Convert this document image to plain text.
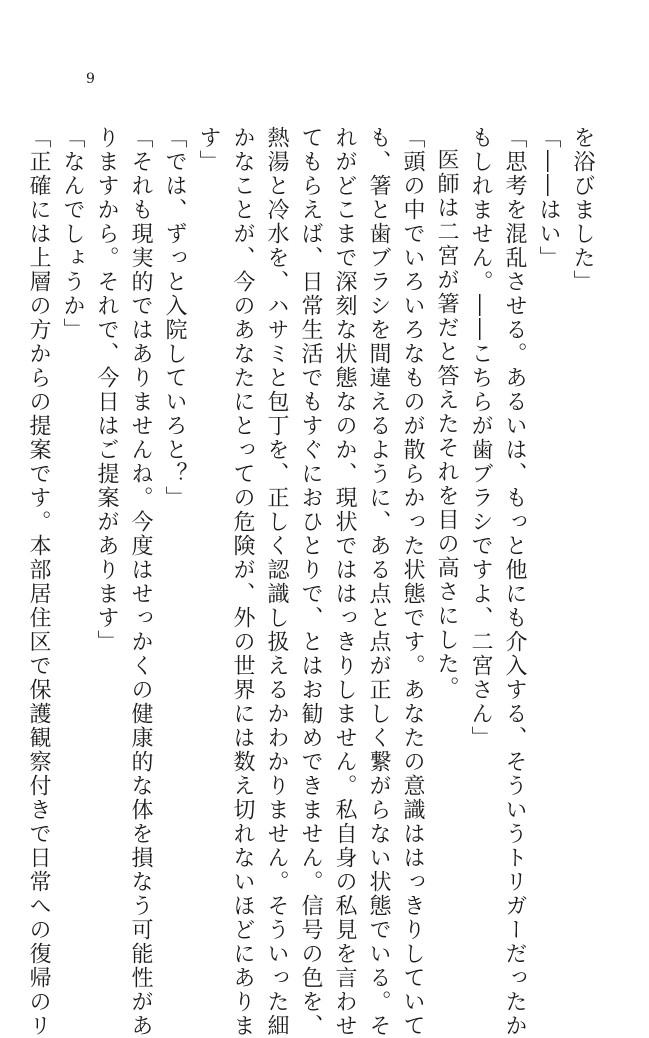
9
を浴びました」
「――はい」
「思考を混乱させる。あるいは、もっと他にも介入する、そういうトリガーだったか
もしれません。――こちらが歯ブラシですよ、二宮さん」
医師は二宮が箸だと答えたそれを目の高さにした。
「頭の中でいろいろなものが散らかった状態です。あなたの意識ははっきりしていて
も、箸と歯ブラシを間違えるように、ある点と点が正しく繋がらない状態でいる。そ
れがどこまで深刻な状態なのか、現状でははっきりしません。私自身の私見を言わせ
てもらえば、日常生活でもすぐにおひとりで、とはお勧めできません。信号の色を、
熱湯と冷水を、ハサミと包丁を、正しく認識し扱えるかわかりません。そういった細
かなことが、今のあなたにとっての危険が、外の世界には数え切れないほどにありま
す」
「では、ずっと入院していろと？」
「それも現実的ではありませんね。今度はせっかくの健康的な体を損なう可能性があ
りますから。それで、今日はご提案があります」
「なんでしょうか」
「正確には上層の方からの提案です。本部居住区で保護観察付きで日常への復帰のリ
